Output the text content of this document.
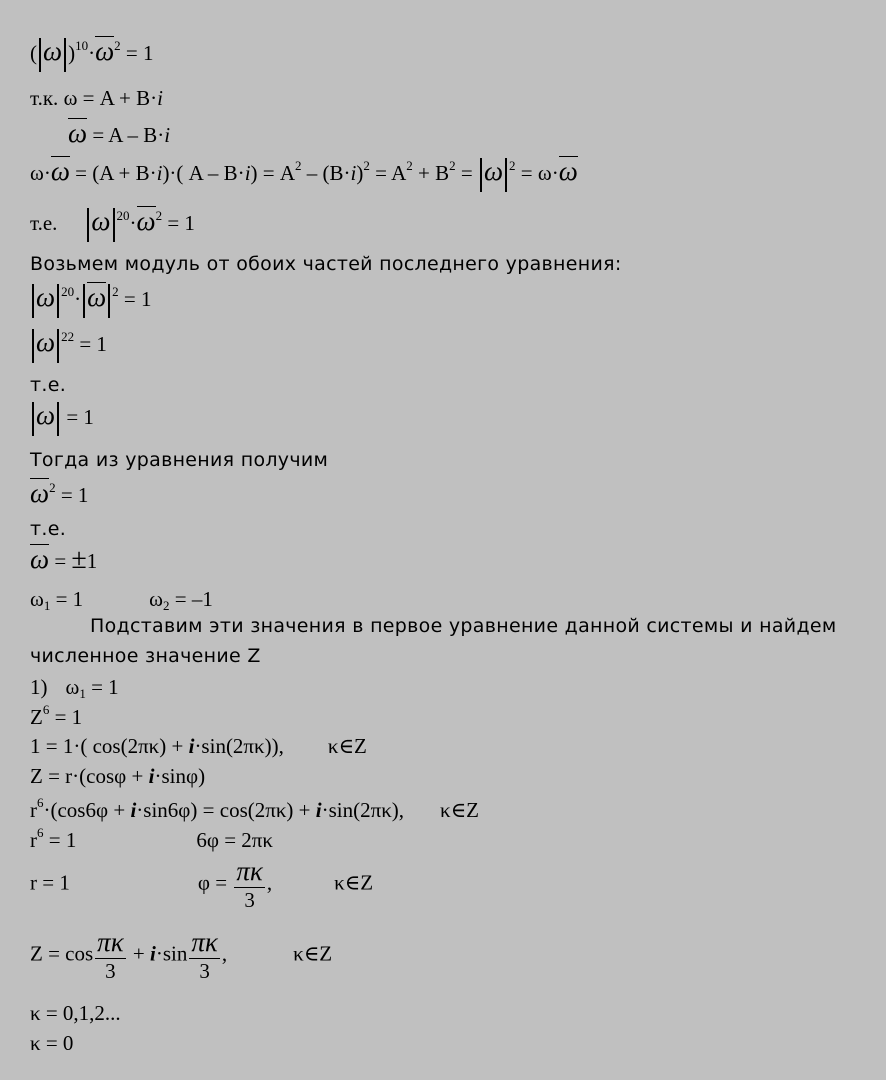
( ω )$^{10}\cdot\omega^2 = 1$
т.к. ω = A + B·i
ω = A – B·i
ω·ω = (A + B·i)·( $A - B\cdot i) = A^2 - (B\cdot i)^2 = A^2 + B^2 = \omega$ $^2$ = ω·ω
т.е. ω $^{20}\cdot\omega^2 = 1$
Возьмем модуль от обоих частей последнего уравнения:
ω $^{20}$· ω $^2$ = 1
ω $^{22}$ = 1
т.е.
ω = 1
Тогда из уравнения получим
$\omega^2 = 1$
т.е.
ω = ±1
$\omega_1 = 1$	$\omega_2 = -1$
Подставим эти значения в первое уравнение данной системы и найдем
численное значение Z
1) $\omega_1 = 1$
$Z^6 = 1$
1 = 1·( cos(2πκ) + i·sin(2πκ)), κ∈Z
Z = r·(cosφ + i·sinφ)
$r^6\cdot(\cos 6\varphi + i\cdot\sin 6\varphi) = \cos(2\pi\kappa) + i\cdot\sin(2\pi\kappa)$, κ∈Z
$r^6 = 1$	6φ = 2πκ
r = 1	$\varphi = \frac{\pi\kappa}{3}$ ,	κ∈Z
$Z = \cos \frac{\pi\kappa}{3} + i\cdot\sin \frac{\pi\kappa}{3}$ ,	κ∈Z
κ = 0,1,2...
κ = 0
